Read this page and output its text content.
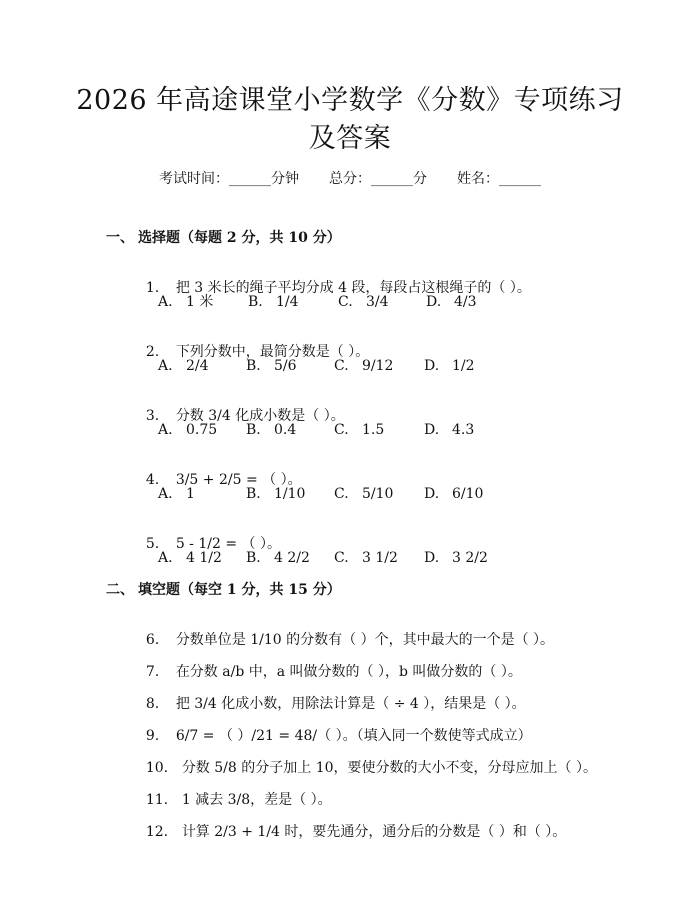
2026 年高途课堂小学数学《分数》专项练习
及答案
考试时间：______分钟 总分：______分 姓名：______
一、 选择题（每题 2 分，共 10 分）

1. 把 3 米长的绳子平均分成 4 段，每段占这根绳子的（ ）。

A. 1 米

B. 1/4

	C. 3/4

	D. 4/3

2. 下列分数中，最简分数是（ ）。

A. 2/4

	B. 5/6

	C. 9/12

D. 1/2

3. 分数 3/4 化成小数是（ ）。

A. 0.75

B. 0.4

	C. 1.5

	D. 4.3

4. 3/5 + 2/5 = （ ）。

A. 1

	B. 1/10

C. 5/10

D. 6/10

5. 5 - 1/2 = （ ）。

A. 4 1/2

B. 4 2/2

C. 3 1/2

D. 3 2/2

二、 填空题（每空 1 分，共 15 分）

6. 分数单位是 1/10 的分数有（ ）个，其中最大的一个是（ ）。

7. 在分数 a/b 中，a 叫做分数的（ ），b 叫做分数的（ ）。

8. 把 3/4 化成小数，用除法计算是（ ÷ 4 ），结果是（ ）。

9. 6/7 = （ ）/21 = 48/（ ）。（填入同一个数使等式成立）

10. 分数 5/8 的分子加上 10，要使分数的大小不变，分母应加上（ ）。

11. 1 减去 3/8，差是（ ）。

12. 计算 2/3 + 1/4 时，要先通分，通分后的分数是（ ）和（ ）。
